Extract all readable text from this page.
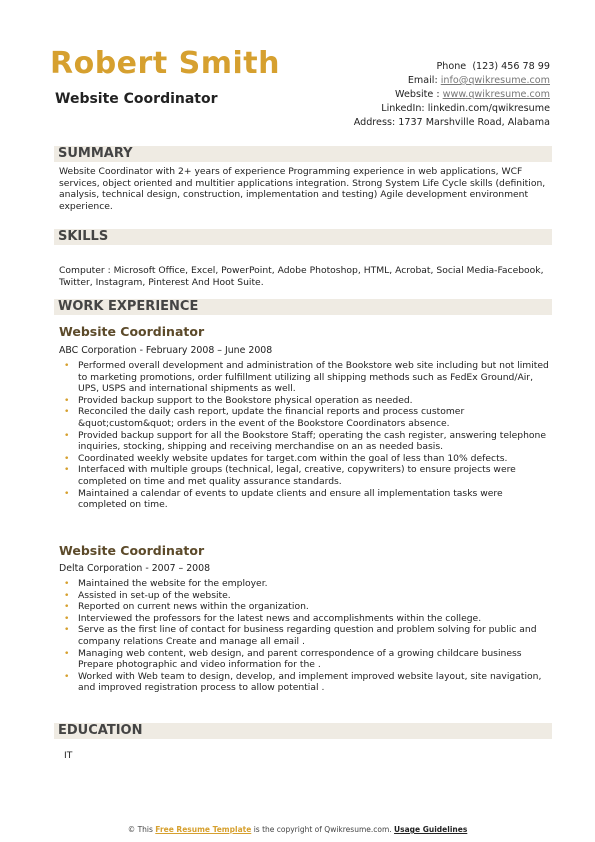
Robert Smith
Website Coordinator
Phone (123) 456 78 99
Email: info@qwikresume.com
Website : www.qwikresume.com
LinkedIn: linkedin.com/qwikresume
Address: 1737 Marshville Road, Alabama
SUMMARY
Website Coordinator with 2+ years of experience Programming experience in web applications, WCF services, object oriented and multitier applications integration. Strong System Life Cycle skills (definition, analysis, technical design, construction, implementation and testing) Agile development environment experience.
SKILLS
Computer : Microsoft Office, Excel, PowerPoint, Adobe Photoshop, HTML, Acrobat, Social Media-Facebook, Twitter, Instagram, Pinterest And Hoot Suite.
WORK EXPERIENCE
Website Coordinator
ABC Corporation - February 2008 – June 2008
• Performed overall development and administration of the Bookstore web site including but not limited to marketing promotions, order fulfillment utilizing all shipping methods such as FedEx Ground/Air, UPS, USPS and international shipments as well.
• Provided backup support to the Bookstore physical operation as needed.
• Reconciled the daily cash report, update the financial reports and process customer &quot;custom&quot; orders in the event of the Bookstore Coordinators absence.
• Provided backup support for all the Bookstore Staff; operating the cash register, answering telephone inquiries, stocking, shipping and receiving merchandise on an as needed basis.
• Coordinated weekly website updates for target.com within the goal of less than 10% defects.
• Interfaced with multiple groups (technical, legal, creative, copywriters) to ensure projects were completed on time and met quality assurance standards.
• Maintained a calendar of events to update clients and ensure all implementation tasks were completed on time.
Website Coordinator
Delta Corporation - 2007 – 2008
• Maintained the website for the employer.
• Assisted in set-up of the website.
• Reported on current news within the organization.
• Interviewed the professors for the latest news and accomplishments within the college.
• Serve as the first line of contact for business regarding question and problem solving for public and company relations Create and manage all email .
• Managing web content, web design, and parent correspondence of a growing childcare business Prepare photographic and video information for the .
• Worked with Web team to design, develop, and implement improved website layout, site navigation, and improved registration process to allow potential .
EDUCATION
IT
© This Free Resume Template is the copyright of Qwikresume.com. Usage Guidelines
